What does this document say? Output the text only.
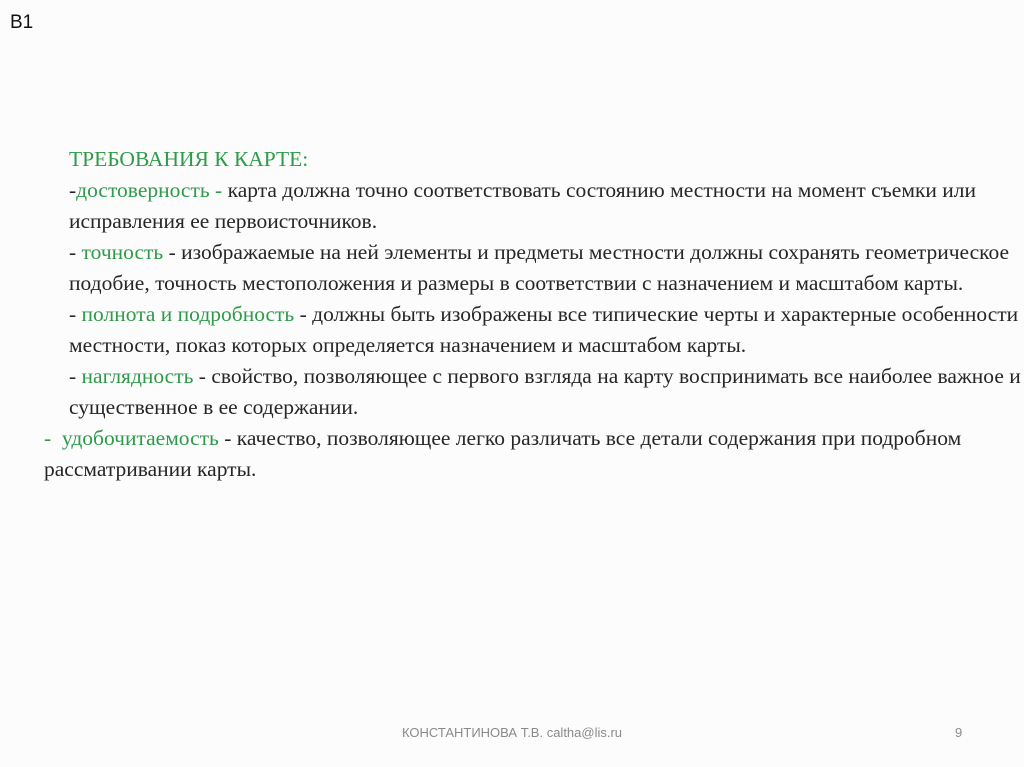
B1

ТРЕБОВАНИЯ К КАРТЕ:

-достоверность - карта должна точно соответствовать состоянию местности на момент съемки или исправления ее первоисточников.

- точность - изображаемые на ней элементы и предметы местности должны сохранять геометрическое подобие, точность местоположения и размеры в соответствии с назначением и масштабом карты.

- полнота и подробность - должны быть изображены все типические черты и характерные особенности местности, показ которых определяется назначением и масштабом карты.

- наглядность - свойство, позволяющее с первого взгляда на карту воспринимать все наиболее важное и существенное в ее содержании.

-  удобочитаемость - качество, позволяющее легко различать все детали содержания при подробном рассматривании карты.

КОНСТАНТИНОВА Т.В. caltha@lis.ru	9
